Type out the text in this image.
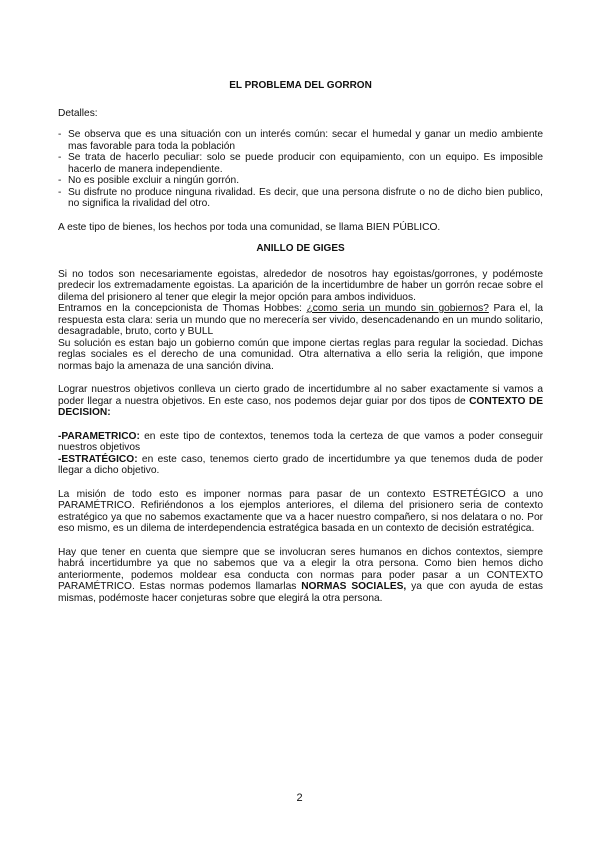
EL PROBLEMA DEL GORRON

Detalles:

- Se observa que es una situación con un interés común: secar el humedal y ganar un medio ambiente mas favorable para toda la población
- Se trata de hacerlo peculiar: solo se puede producir con equipamiento, con un equipo. Es imposible hacerlo de manera independiente.
- No es posible excluir a ningún gorrón.
- Su disfrute no produce ninguna rivalidad. Es decir, que una persona disfrute o no de dicho bien publico, no significa la rivalidad del otro.

A este tipo de bienes, los hechos por toda una comunidad, se llama BIEN PÚBLICO.

ANILLO DE GIGES

Si no todos son necesariamente egoistas, alrededor de nosotros hay egoistas/gorrones, y podémoste predecir los extremadamente egoistas. La aparición de la incertidumbre de haber un gorrón recae sobre el dilema del prisionero al tener que elegir la mejor opción para ambos individuos.

Entramos en la concepcionista de Thomas Hobbes: ¿como seria un mundo sin gobiernos? Para el, la respuesta esta clara: seria un mundo que no merecería ser vivido, desencadenando en un mundo solitario, desagradable, bruto, corto y BULL

Su solución es estan bajo un gobierno común que impone ciertas reglas para regular la sociedad. Dichas reglas sociales es el derecho de una comunidad. Otra alternativa a ello seria la religión, que impone normas bajo la amenaza de una sanción divina.

Lograr nuestros objetivos conlleva un cierto grado de incertidumbre al no saber exactamente si vamos a poder llegar a nuestra objetivos. En este caso, nos podemos dejar guiar por dos tipos de CONTEXTO DE DECISION:

-PARAMETRICO: en este tipo de contextos, tenemos toda la certeza de que vamos a poder conseguir nuestros objetivos

-ESTRATÉGICO: en este caso, tenemos cierto grado de incertidumbre ya que tenemos duda de poder llegar a dicho objetivo.

La misión de todo esto es imponer normas para pasar de un contexto ESTRETÉGICO a uno PARAMÉTRICO. Refiriéndonos a los ejemplos anteriores, el dilema del prisionero seria de contexto estratégico ya que no sabemos exactamente que va a hacer nuestro compañero, si nos delatara o no. Por eso mismo, es un dilema de interdependencia estratégica basada en un contexto de decisión estratégica.

Hay que tener en cuenta que siempre que se involucran seres humanos en dichos contextos, siempre habrá incertidumbre ya que no sabemos que va a elegir la otra persona. Como bien hemos dicho anteriormente, podemos moldear esa conducta con normas para poder pasar a un CONTEXTO PARAMÉTRICO. Estas normas podemos llamarlas NORMAS SOCIALES, ya que con ayuda de estas mismas, podémoste hacer conjeturas sobre que elegirá la otra persona.

2
